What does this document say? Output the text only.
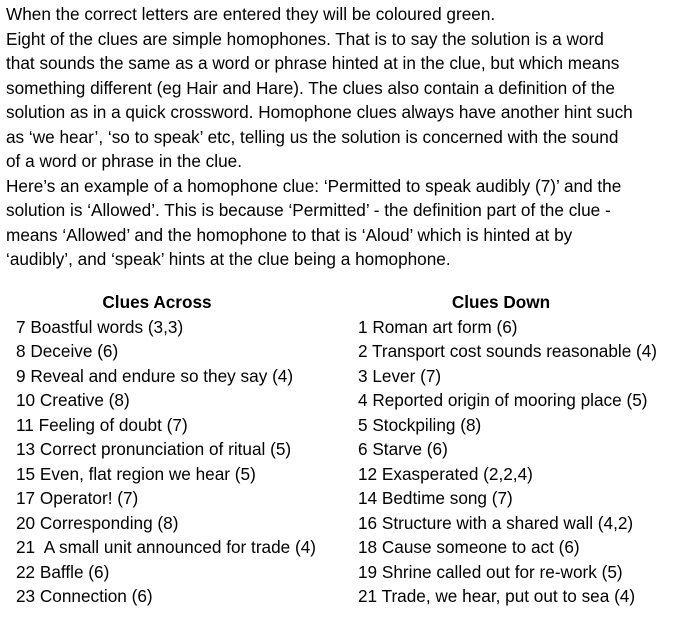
When the correct letters are entered they will be coloured green.

Eight of the clues are simple homophones. That is to say the solution is a word

that sounds the same as a word or phrase hinted at in the clue, but which means

something different (eg Hair and Hare). The clues also contain a definition of the

solution as in a quick crossword. Homophone clues always have another hint such

as ‘we hear’, ‘so to speak’ etc, telling us the solution is concerned with the sound

of a word or phrase in the clue.

Here’s an example of a homophone clue: ‘Permitted to speak audibly (7)’ and the

solution is ‘Allowed’. This is because ‘Permitted’ - the definition part of the clue -

means ‘Allowed’ and the homophone to that is ‘Aloud’ which is hinted at by

‘audibly’, and ‘speak’ hints at the clue being a homophone.

Clues Across
7 Boastful words (3,3)
8 Deceive (6)
9 Reveal and endure so they say (4)
10 Creative (8)
11 Feeling of doubt (7)
13 Correct pronunciation of ritual (5)
15 Even, flat region we hear (5)
17 Operator! (7)
20 Corresponding (8)
21  A small unit announced for trade (4)
22 Baffle (6)
23 Connection (6)
Clues Down
1 Roman art form (6)
2 Transport cost sounds reasonable (4)
3 Lever (7)
4 Reported origin of mooring place (5)
5 Stockpiling (8)
6 Starve (6)
12 Exasperated (2,2,4)
14 Bedtime song (7)
16 Structure with a shared wall (4,2)
18 Cause someone to act (6)
19 Shrine called out for re-work (5)
21 Trade, we hear, put out to sea (4)
